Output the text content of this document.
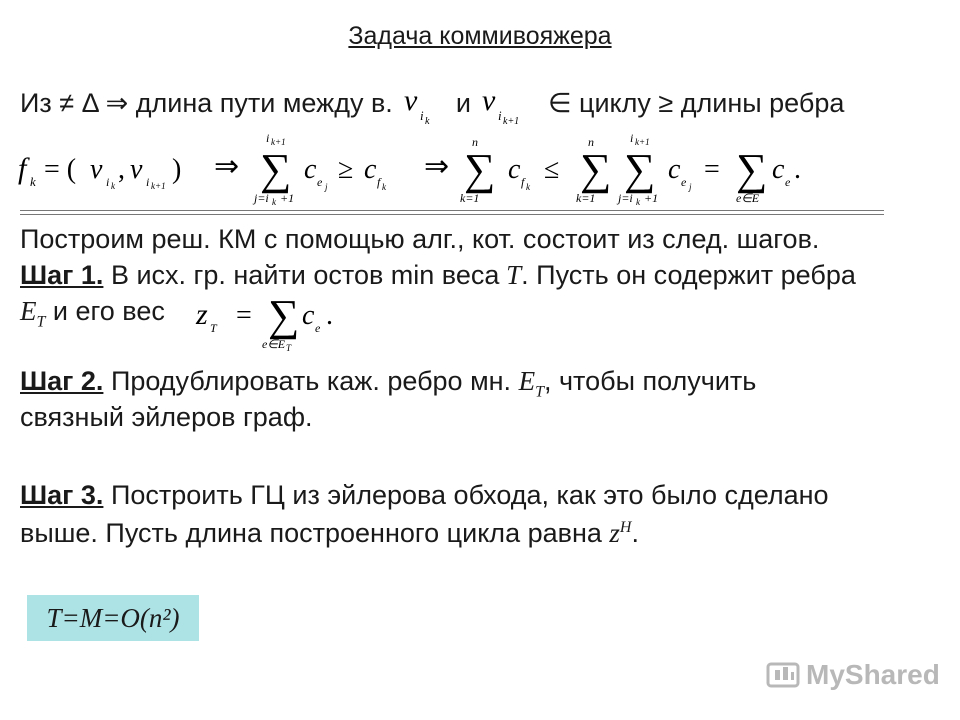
Задача коммивояжера
Из ≠ Δ ⇒ длина пути между в. v i k
и v i k+1
∈ циклу ≥ длины ребра
f k = ( v i k
, v i k+1
) ⇒
i k+1
∑
j=i k +1
c e j
≥ c f k
⇒
n
∑
k=1
c f k
≤
n
∑
k=1
i k+1
∑
j=i k +1
c e j
= ∑
e∈E
c e .
Построим реш. КМ с помощью алг., кот. состоит из след. шагов.
Шаг 1. В исх. гр. найти остов min веса T. Пусть он содержит ребра
$E_T$ и его вес z T = ∑
e∈E T
c e .
Шаг 2. Продублировать каж. ребро мн. $E_T$, чтобы получить
связный эйлеров граф.
Шаг 3. Построить ГЦ из эйлерова обхода, как это было сделано
выше. Пусть длина построенного цикла равна $z^H$.
T=M=O(n²)
MyShared
